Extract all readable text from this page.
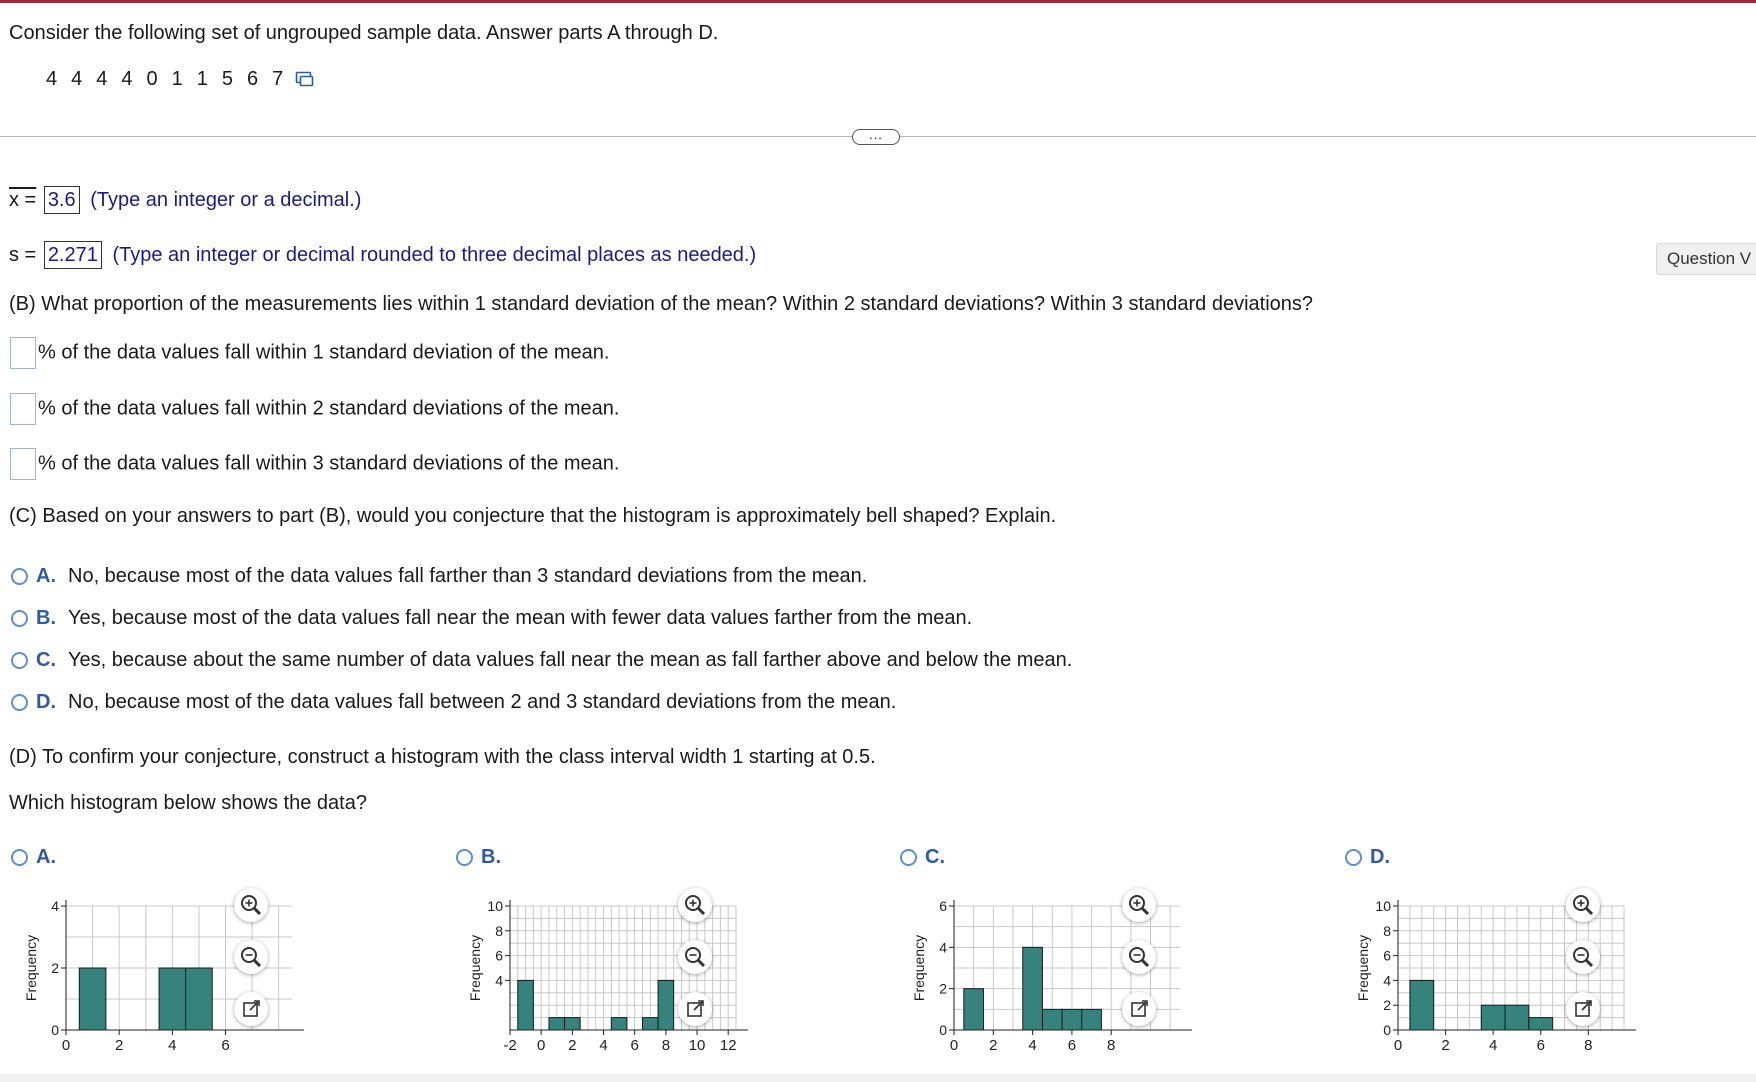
Consider the following set of ungrouped sample data. Answer parts A through D.
4 4 4 4 0 1 1 5 6 7
...
x = 3.6 (Type an integer or a decimal.)
s = 2.271 (Type an integer or decimal rounded to three decimal places as needed.)	Question V
(B) What proportion of the measurements lies within 1 standard deviation of the mean? Within 2 standard deviations? Within 3 standard deviations?
% of the data values fall within 1 standard deviation of the mean.
% of the data values fall within 2 standard deviations of the mean.
% of the data values fall within 3 standard deviations of the mean.
(C) Based on your answers to part (B), would you conjecture that the histogram is approximately bell shaped? Explain.
A. No, because most of the data values fall farther than 3 standard deviations from the mean.
B. Yes, because most of the data values fall near the mean with fewer data values farther from the mean.
C. Yes, because about the same number of data values fall near the mean as fall farther above and below the mean.
D. No, because most of the data values fall between 2 and 3 standard deviations from the mean.
(D) To confirm your conjecture, construct a histogram with the class interval width 1 starting at 0.5.
Which histogram below shows the data?
A.	B.	C.	D.
0	2	4	6
0
2
4
Frequency
-2 0 2 4 6 8 10 12
4
6
8
10
Frequency
0 2 4 6 8
0
2
4
6
Frequency
0	2	4	6	8
0
2
4
6
8
10
Frequency
